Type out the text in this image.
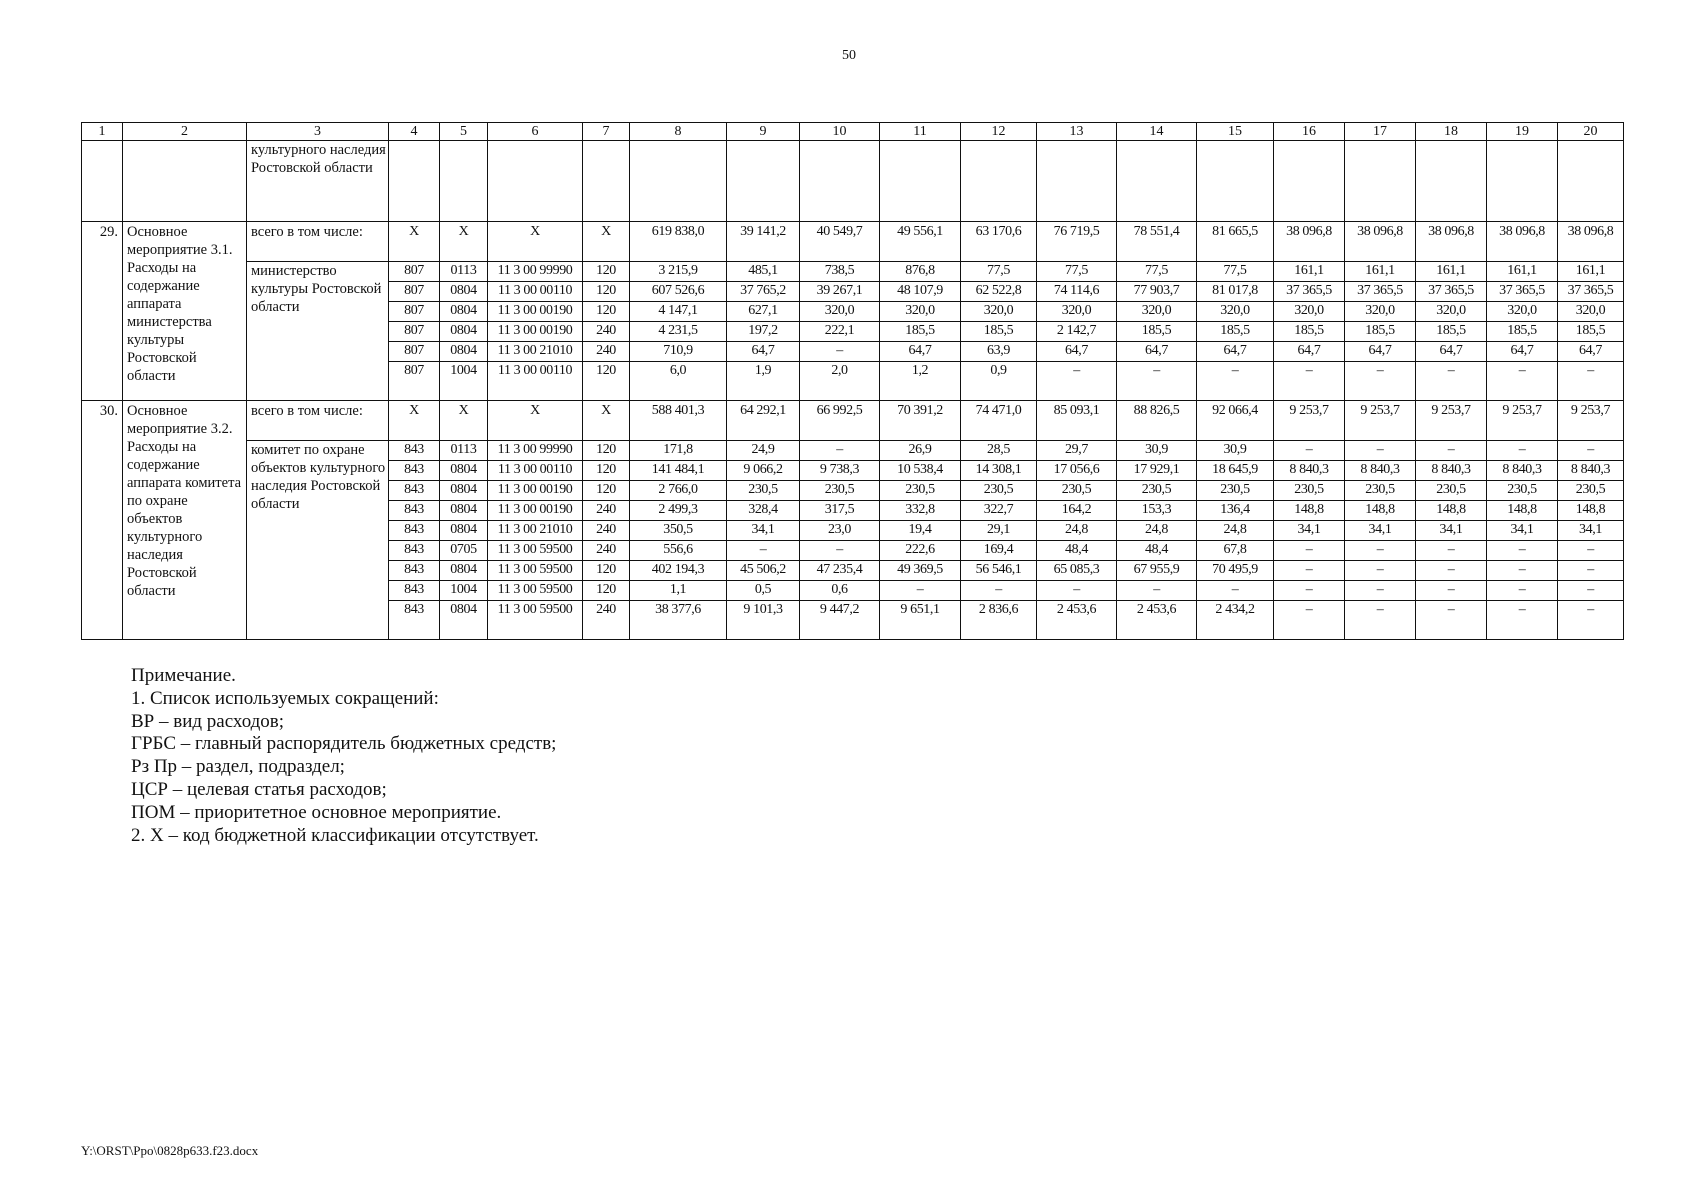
50
1	2	3	4	5	6	7	8	9	10	11	12	13	14	15	16	17	18	19	20
		культурного наследия Ростовской области																	
29.	Основное мероприятие 3.1. Расходы на содержание аппарата министерства культуры Ростовской области	всего в том числе:	X	X	X	X	619 838,0	39 141,2	40 549,7	49 556,1	63 170,6	76 719,5	78 551,4	81 665,5	38 096,8	38 096,8	38 096,8	38 096,8	38 096,8
		министерство культуры Ростовской области	807	0113	11 3 00 99990	120	3 215,9	485,1	738,5	876,8	77,5	77,5	77,5	77,5	161,1	161,1	161,1	161,1	161,1
			807	0804	11 3 00 00110	120	607 526,6	37 765,2	39 267,1	48 107,9	62 522,8	74 114,6	77 903,7	81 017,8	37 365,5	37 365,5	37 365,5	37 365,5	37 365,5
			807	0804	11 3 00 00190	120	4 147,1	627,1	320,0	320,0	320,0	320,0	320,0	320,0	320,0	320,0	320,0	320,0	320,0
			807	0804	11 3 00 00190	240	4 231,5	197,2	222,1	185,5	185,5	2 142,7	185,5	185,5	185,5	185,5	185,5	185,5	185,5
			807	0804	11 3 00 21010	240	710,9	64,7	–	64,7	63,9	64,7	64,7	64,7	64,7	64,7	64,7	64,7	64,7
			807	1004	11 3 00 00110	120	6,0	1,9	2,0	1,2	0,9	–	–	–	–	–	–	–	–
30.	Основное мероприятие 3.2. Расходы на содержание аппарата комитета по охране объектов культурного наследия Ростовской области	всего в том числе:	X	X	X	X	588 401,3	64 292,1	66 992,5	70 391,2	74 471,0	85 093,1	88 826,5	92 066,4	9 253,7	9 253,7	9 253,7	9 253,7	9 253,7
		комитет по охране объектов культурного наследия Ростовской области	843	0113	11 3 00 99990	120	171,8	24,9	–	26,9	28,5	29,7	30,9	30,9	–	–	–	–	–
			843	0804	11 3 00 00110	120	141 484,1	9 066,2	9 738,3	10 538,4	14 308,1	17 056,6	17 929,1	18 645,9	8 840,3	8 840,3	8 840,3	8 840,3	8 840,3
			843	0804	11 3 00 00190	120	2 766,0	230,5	230,5	230,5	230,5	230,5	230,5	230,5	230,5	230,5	230,5	230,5	230,5
			843	0804	11 3 00 00190	240	2 499,3	328,4	317,5	332,8	322,7	164,2	153,3	136,4	148,8	148,8	148,8	148,8	148,8
			843	0804	11 3 00 21010	240	350,5	34,1	23,0	19,4	29,1	24,8	24,8	24,8	34,1	34,1	34,1	34,1	34,1
			843	0705	11 3 00 59500	240	556,6	–	–	222,6	169,4	48,4	48,4	67,8	–	–	–	–	–
			843	0804	11 3 00 59500	120	402 194,3	45 506,2	47 235,4	49 369,5	56 546,1	65 085,3	67 955,9	70 495,9	–	–	–	–	–
			843	1004	11 3 00 59500	120	1,1	0,5	0,6	–	–	–	–	–	–	–	–	–	–
			843	0804	11 3 00 59500	240	38 377,6	9 101,3	9 447,2	9 651,1	2 836,6	2 453,6	2 453,6	2 434,2	–	–	–	–	–
Примечание.
1. Список используемых сокращений:
ВР – вид расходов;
ГРБС – главный распорядитель бюджетных средств;
Рз Пр – раздел, подраздел;
ЦСР – целевая статья расходов;
ПОМ – приоритетное основное мероприятие.
2. Х – код бюджетной классификации отсутствует.
Y:\ORST\Ppo\0828p633.f23.docx
